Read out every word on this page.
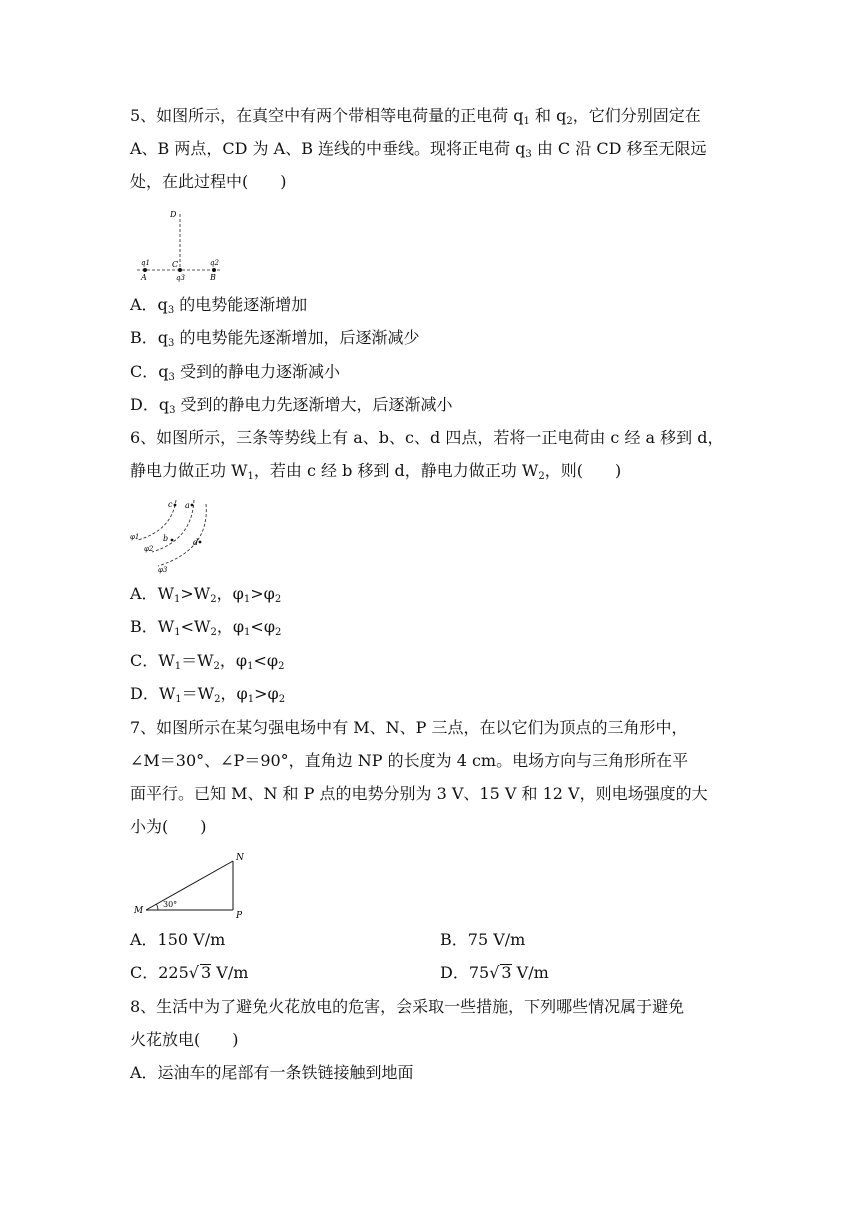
5、如图所示，在真空中有两个带相等电荷量的正电荷 $q_1$ 和 $q_2$，它们分别固定在
A、B 两点，CD 为 A、B 连线的中垂线。现将正电荷 $q_3$ 由 C 沿 CD 移至无限远
处，在此过程中(　　)
D
q1	C	q2
A	q3	B
A．$q_3$ 的电势能逐渐增加
B．$q_3$ 的电势能先逐渐增加，后逐渐减少
C．$q_3$ 受到的静电力逐渐减小
D．$q_3$ 受到的静电力先逐渐增大，后逐渐减小
6、如图所示，三条等势线上有 a、b、c、d 四点，若将一正电荷由 c 经 a 移到 d，
静电力做正功 $W_1$，若由 c 经 b 移到 d，静电力做正功 $W_2$，则(　　)
c a
b	d
φ1
φ2
φ3
A．$W_1>W_2$，$\varphi_1>\varphi_2$
B．$W_1<W_2$，$\varphi_1<\varphi_2$
C．$W_1=W_2$，$\varphi_1<\varphi_2$
D．$W_1=W_2$，$\varphi_1>\varphi_2$
7、如图所示在某匀强电场中有 M、N、P 三点，在以它们为顶点的三角形中，
∠M＝30°、∠P＝90°，直角边 NP 的长度为 4 cm。电场方向与三角形所在平
面平行。已知 M、N 和 P 点的电势分别为 3 V、15 V 和 12 V，则电场强度的大
小为(　　)
M
N
P
30°
A．150 V/m	B．75 V/m
C．225√ 3 V/m	D．75√ 3 V/m
8、生活中为了避免火花放电的危害，会采取一些措施，下列哪些情况属于避免
火花放电(　　)
A．运油车的尾部有一条铁链接触到地面
